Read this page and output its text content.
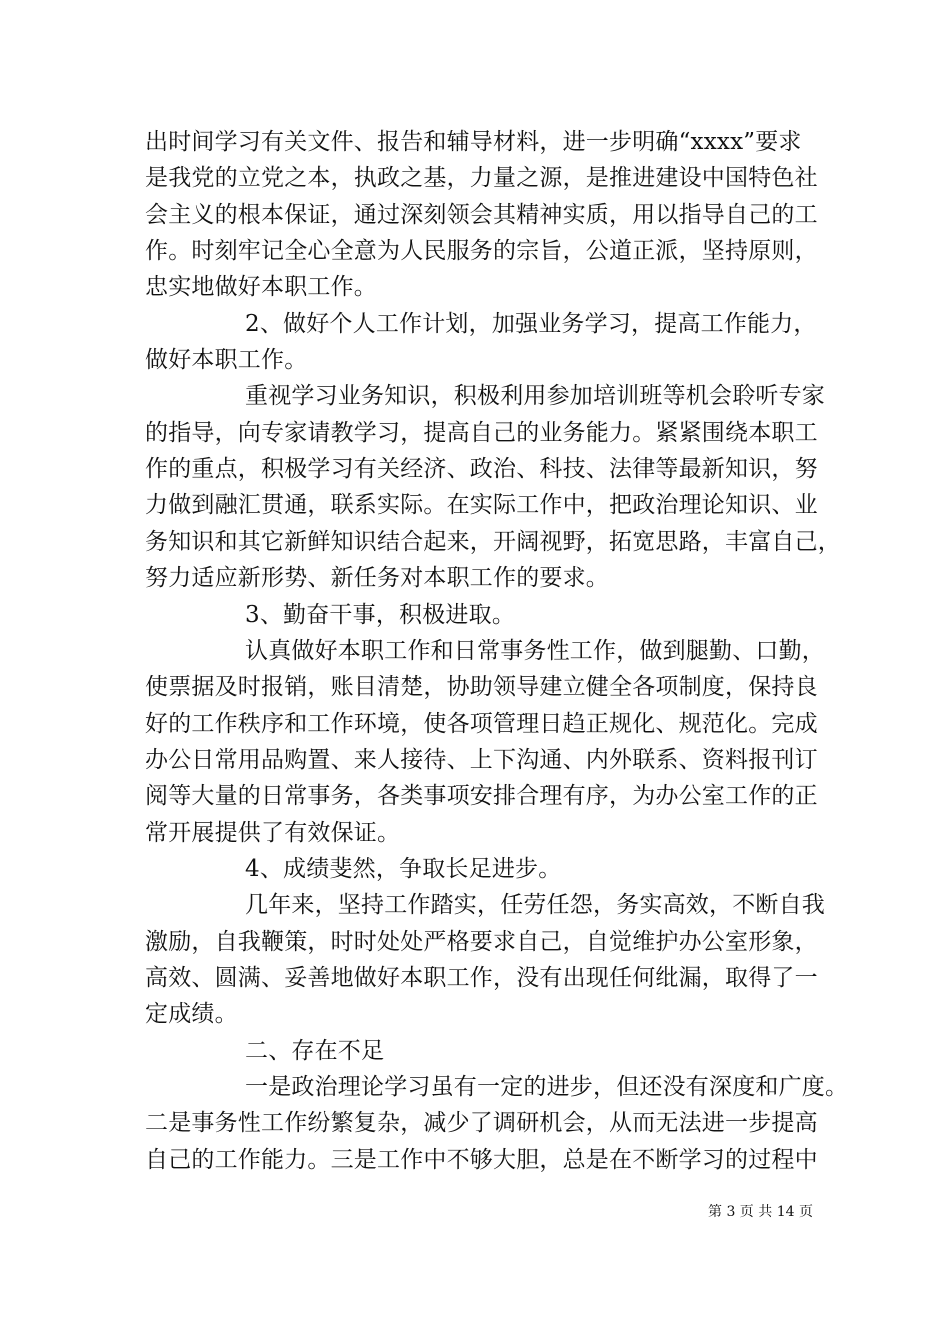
出时间学习有关文件、报告和辅导材料，进一步明确“xxxx”要求
是我党的立党之本，执政之基，力量之源，是推进建设中国特色社
会主义的根本保证，通过深刻领会其精神实质，用以指导自己的工
作。时刻牢记全心全意为人民服务的宗旨，公道正派，坚持原则，
忠实地做好本职工作。
2、做好个人工作计划，加强业务学习，提高工作能力，
做好本职工作。
重视学习业务知识，积极利用参加培训班等机会聆听专家
的指导，向专家请教学习，提高自己的业务能力。紧紧围绕本职工
作的重点，积极学习有关经济、政治、科技、法律等最新知识，努
力做到融汇贯通，联系实际。在实际工作中，把政治理论知识、业
务知识和其它新鲜知识结合起来，开阔视野，拓宽思路，丰富自己，
努力适应新形势、新任务对本职工作的要求。
3、勤奋干事，积极进取。
认真做好本职工作和日常事务性工作，做到腿勤、口勤，
使票据及时报销，账目清楚，协助领导建立健全各项制度，保持良
好的工作秩序和工作环境，使各项管理日趋正规化、规范化。完成
办公日常用品购置、来人接待、上下沟通、内外联系、资料报刊订
阅等大量的日常事务，各类事项安排合理有序，为办公室工作的正
常开展提供了有效保证。
4、成绩斐然，争取长足进步。
几年来，坚持工作踏实，任劳任怨，务实高效，不断自我
激励，自我鞭策，时时处处严格要求自己，自觉维护办公室形象，
高效、圆满、妥善地做好本职工作，没有出现任何纰漏，取得了一
定成绩。
二、存在不足
一是政治理论学习虽有一定的进步，但还没有深度和广度。
二是事务性工作纷繁复杂，减少了调研机会，从而无法进一步提高
自己的工作能力。三是工作中不够大胆，总是在不断学习的过程中
第 3 页 共 14 页
